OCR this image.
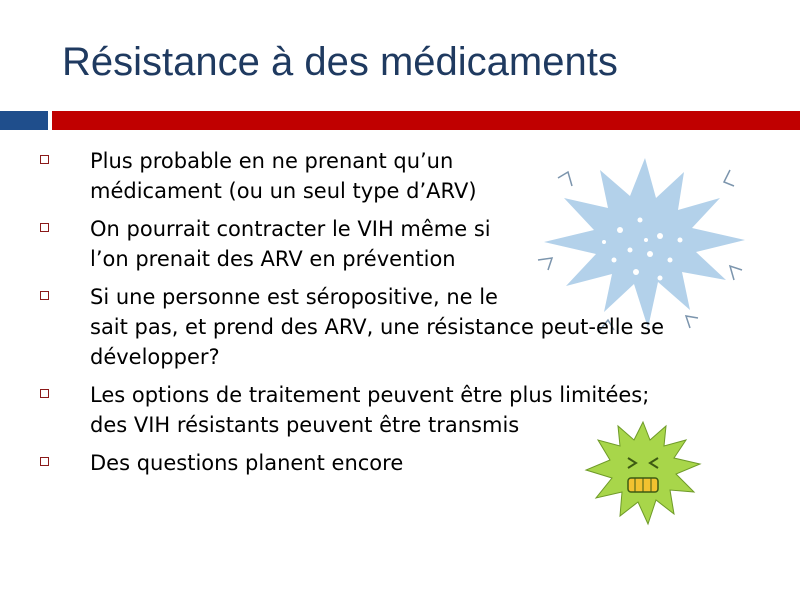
Résistance à des médicaments
Plus probable en ne prenant qu’un
médicament (ou un seul type d’ARV)
On pourrait contracter le VIH même si
l’on prenait des ARV en prévention
Si une personne est séropositive, ne le
sait pas, et prend des ARV, une résistance peut-elle se
développer?
Les options de traitement peuvent être plus limitées;
des VIH résistants peuvent être transmis
Des questions planent encore
